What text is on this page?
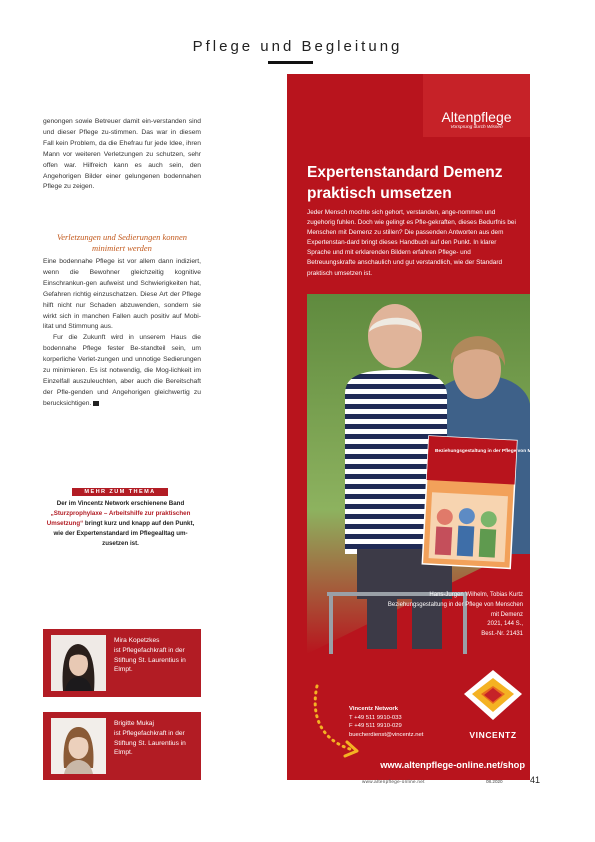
Pflege und Begleitung

genongen sowie Betreuer damit ein-verstanden sind und dieser Pflege zu-stimmen. Das war in diesem Fall kein Problem, da die Ehefrau fur jede Idee, ihren Mann vor weiteren Verletzungen zu schutzen, sehr offen war. Hilfreich kann es auch sein, den Angehorigen Bilder einer gelungenen bodennahen Pflege zu zeigen.

Verletzungen und Sedierungen konnen minimiert werden

Eine bodennahe Pflege ist vor allem dann indiziert, wenn die Bewohner gleichzeitig kognitive Einschrankun-gen aufweist und Schwierigkeiten hat, Gefahren richtig einzuschatzen. Diese Art der Pflege hilft nicht nur Schaden abzuwenden, sondern sie wirkt sich in manchen Fallen auch positiv auf Mobi-litat und Stimmung aus.

Fur die Zukunft wird in unserem Haus die bodennahe Pflege fester Be-standteil sein, um korperliche Verlet-zungen und unnotige Sedierungen zu minimieren. Es ist notwendig, die Mog-lichkeit im Einzelfall auszuleuchten, aber auch die Bereitschaft der Pfle-genden und Angehorigen gleichwertig zu berucksichtigen.

MEHR ZUM THEMA
Der im Vincentz Network erschienene Band „Sturzprophylaxe – Arbeitshilfe zur praktischen Umsetzung“ bringt kurz und knapp auf den Punkt, wie der Expertenstandard im Pflegealltag um-zusetzen ist.
Mira Kopetzkes
ist Pflegefachkraft in der Stiftung St. Laurentius in Elmpt.
Brigitte Mukaj
ist Pflegefachkraft in der Stiftung St. Laurentius in Elmpt.
Altenpflege
Vorsprung durch Wissen
Expertenstandard Demenz praktisch umsetzen
Jeder Mensch mochte sich gehort, verstanden, ange-nommen und zugehorig fuhlen. Doch wie gelingt es Pfle-gekraften, dieses Bedurfnis bei Menschen mit Demenz zu stillen? Die passenden Antworten aus dem Expertenstan-dard bringt dieses Handbuch auf den Punkt. In klarer Sprache und mit erklarenden Bildern erfahren Pflege- und Betreuungskrafte anschaulich und gut verstandlich, wie der Standard praktisch umsetzen ist.
Beziehungsgestaltung in der Pflege von Menschen mit Demenz
Hans-Jurgen Wilhelm, Tobias Kurtz
Beziehungsgestaltung in der Pflege von Menschen mit Demenz
2021, 144 S.,
Best.-Nr. 21431
Vincentz Network
T +49 511 9910-033
F +49 511 9910-029
buecherdienst@vincentz.net	VINCENTZ
www.altenpflege-online.net/shop
www.altenpflege-online.net	08.2020	41
